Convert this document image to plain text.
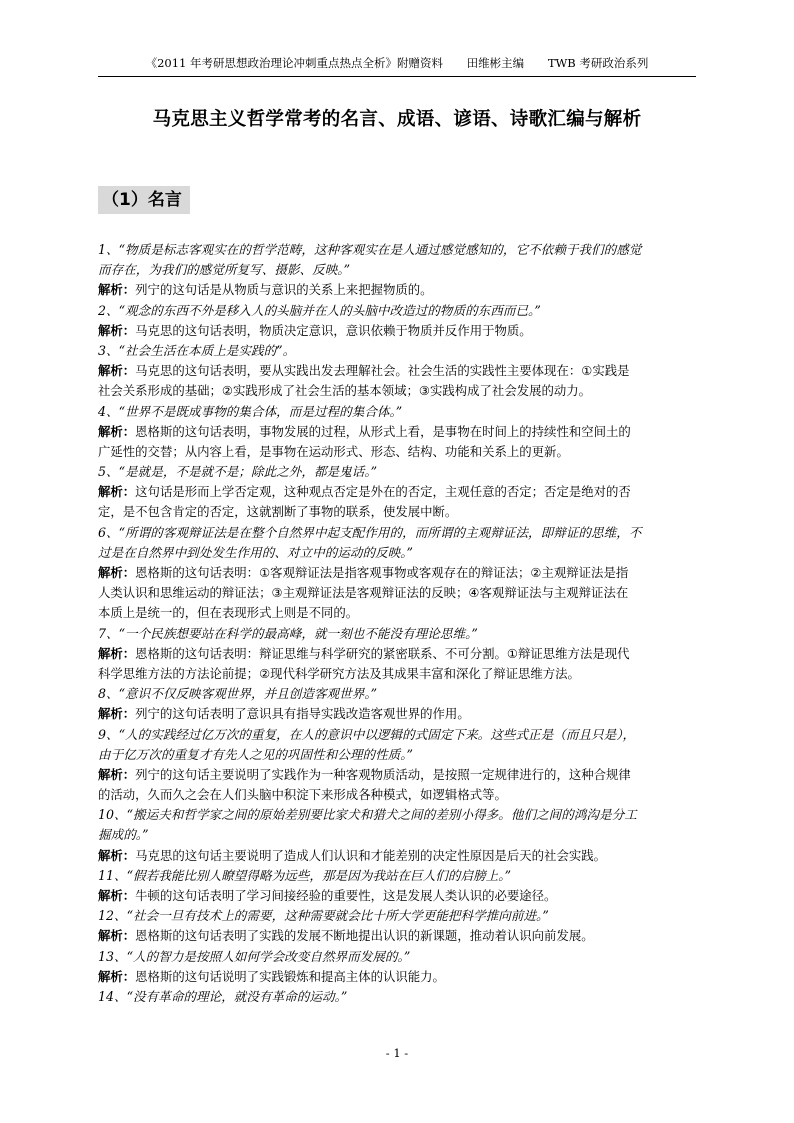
《2011 年考研思想政治理论冲刺重点热点全析》附赠资料 田维彬主编 TWB 考研政治系列
马克思主义哲学常考的名言、成语、谚语、诗歌汇编与解析
（1）名言
1、“物质是标志客观实在的哲学范畴，这种客观实在是人通过感觉感知的，它不依赖于我们的感觉
而存在，为我们的感觉所复写、摄影、反映。”
解析：列宁的这句话是从物质与意识的关系上来把握物质的。
2、“观念的东西不外是移入人的头脑并在人的头脑中改造过的物质的东西而已。”
解析：马克思的这句话表明，物质决定意识，意识依赖于物质并反作用于物质。
3、“社会生活在本质上是实践的”。
解析：马克思的这句话表明，要从实践出发去理解社会。社会生活的实践性主要体现在：①实践是
社会关系形成的基础；②实践形成了社会生活的基本领域；③实践构成了社会发展的动力。
4、“世界不是既成事物的集合体，而是过程的集合体。”
解析：恩格斯的这句话表明，事物发展的过程，从形式上看，是事物在时间上的持续性和空间土的
广延性的交替；从内容上看，是事物在运动形式、形态、结构、功能和关系上的更新。
5、“是就是，不是就不是；除此之外，都是鬼话。”
解析：这句话是形而上学否定观，这种观点否定是外在的否定，主观任意的否定；否定是绝对的否
定，是不包含肯定的否定，这就割断了事物的联系，使发展中断。
6、“所谓的客观辩证法是在整个自然界中起支配作用的，而所谓的主观辩证法，即辩证的思维，不
过是在自然界中到处发生作用的、对立中的运动的反映。”
解析：恩格斯的这句话表明：①客观辩证法是指客观事物或客观存在的辩证法；②主观辩证法是指
人类认识和思维运动的辩证法；③主观辩证法是客观辩证法的反映；④客观辩证法与主观辩证法在
本质上是统一的，但在表现形式上则是不同的。
7、“一个民族想要站在科学的最高峰，就一刻也不能没有理论思维。”
解析：恩格斯的这句话表明：辩证思维与科学研究的紧密联系、不可分割。①辩证思维方法是现代
科学思维方法的方法论前提；②现代科学研究方法及其成果丰富和深化了辩证思维方法。
8、“意识不仅反映客观世界，并且创造客观世界。”
解析：列宁的这句话表明了意识具有指导实践改造客观世界的作用。
9、“人的实践经过亿万次的重复，在人的意识中以逻辑的式固定下来。这些式正是（而且只是），
由于亿万次的重复才有先人之见的巩固性和公理的性质。”
解析：列宁的这句话主要说明了实践作为一种客观物质活动，是按照一定规律进行的，这种合规律
的活动，久而久之会在人们头脑中积淀下来形成各种模式，如逻辑格式等。
10、“搬运夫和哲学家之间的原始差别要比家犬和猎犬之间的差别小得多。他们之间的鸿沟是分工
掘成的。”
解析：马克思的这句话主要说明了造成人们认识和才能差别的决定性原因是后天的社会实践。
11、“假若我能比别人瞭望得略为远些，那是因为我站在巨人们的启膀上。”
解析：牛顿的这句话表明了学习间接经验的重要性，这是发展人类认识的必要途径。
12、“社会一旦有技术上的需要，这种需要就会比十所大学更能把科学推向前进。”
解析：恩格斯的这句话表明了实践的发展不断地提出认识的新课题，推动着认识向前发展。
13、“人的智力是按照人如何学会改变自然界而发展的。”
解析：恩格斯的这句话说明了实践锻炼和提高主体的认识能力。
14、“没有革命的理论，就没有革命的运动。”
- 1 -
